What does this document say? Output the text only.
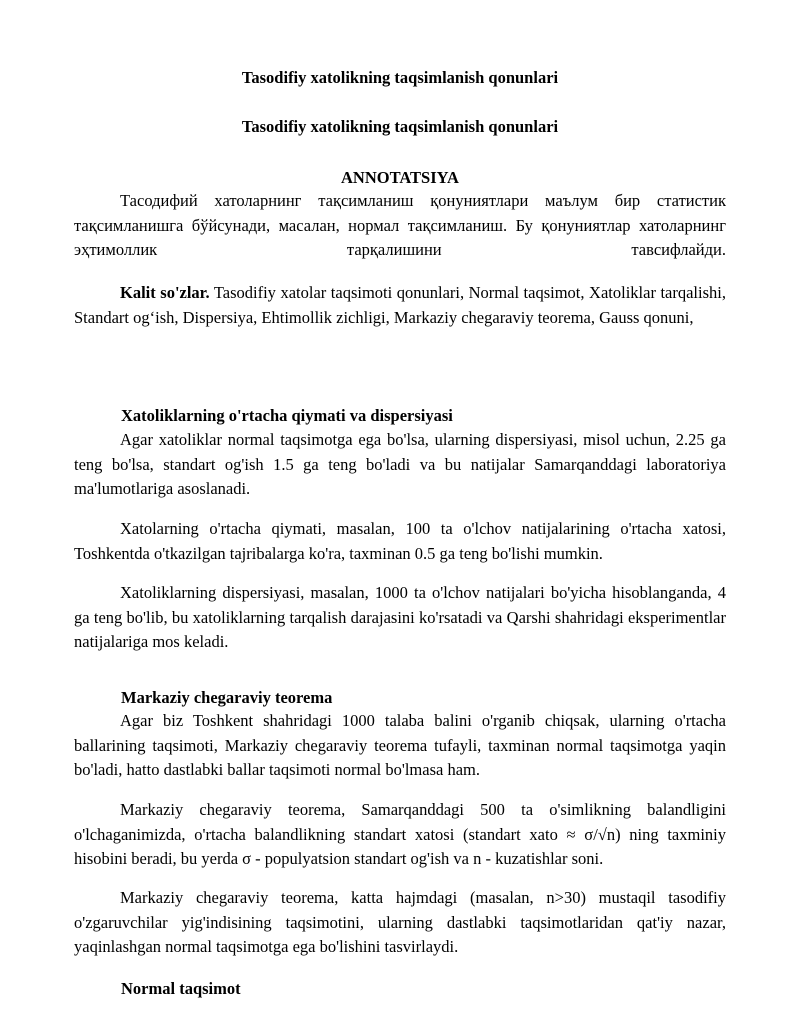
Tasodifiy xatolikning taqsimlanish qonunlari
Tasodifiy xatolikning taqsimlanish qonunlari
ANNOTATSIYA
Тасодифий хатоларнинг тақсимланиш қонуниятлари маълум бир статистик тақсимланишга бўйсунади, масалан, нормал тақсимланиш. Бу қонуниятлар хатоларнинг эҳтимоллик тарқалишини тавсифлайди.
Kalit so'zlar. Tasodifiy xatolar taqsimoti qonunlari, Normal taqsimot, Xatoliklar tarqalishi, Standart og‘ish, Dispersiya, Ehtimollik zichligi, Markaziy chegaraviy teorema, Gauss qonuni,
Xatoliklarning o'rtacha qiymati va dispersiyasi
Agar xatoliklar normal taqsimotga ega bo'lsa, ularning dispersiyasi, misol uchun, 2.25 ga teng bo'lsa, standart og'ish 1.5 ga teng bo'ladi va bu natijalar Samarqanddagi laboratoriya ma'lumotlariga asoslanadi.
Xatolarning o'rtacha qiymati, masalan, 100 ta o'lchov natijalarining o'rtacha xatosi, Toshkentda o'tkazilgan tajribalarga ko'ra, taxminan 0.5 ga teng bo'lishi mumkin.
Xatoliklarning dispersiyasi, masalan, 1000 ta o'lchov natijalari bo'yicha hisoblanganda, 4 ga teng bo'lib, bu xatoliklarning tarqalish darajasini ko'rsatadi va Qarshi shahridagi eksperimentlar natijalariga mos keladi.
Markaziy chegaraviy teorema
Agar biz Toshkent shahridagi 1000 talaba balini o'rganib chiqsak, ularning o'rtacha ballarining taqsimoti, Markaziy chegaraviy teorema tufayli, taxminan normal taqsimotga yaqin bo'ladi, hatto dastlabki ballar taqsimoti normal bo'lmasa ham.
Markaziy chegaraviy teorema, Samarqanddagi 500 ta o'simlikning balandligini o'lchaganimizda, o'rtacha balandlikning standart xatosi (standart xato ≈ σ/√n) ning taxminiy hisobini beradi, bu yerda σ - populyatsion standart og'ish va n - kuzatishlar soni.
Markaziy chegaraviy teorema, katta hajmdagi (masalan, n>30) mustaqil tasodifiy o'zgaruvchilar yig'indisining taqsimotini, ularning dastlabki taqsimotlaridan qat'iy nazar, yaqinlashgan normal taqsimotga ega bo'lishini tasvirlaydi.
Normal taqsimot
